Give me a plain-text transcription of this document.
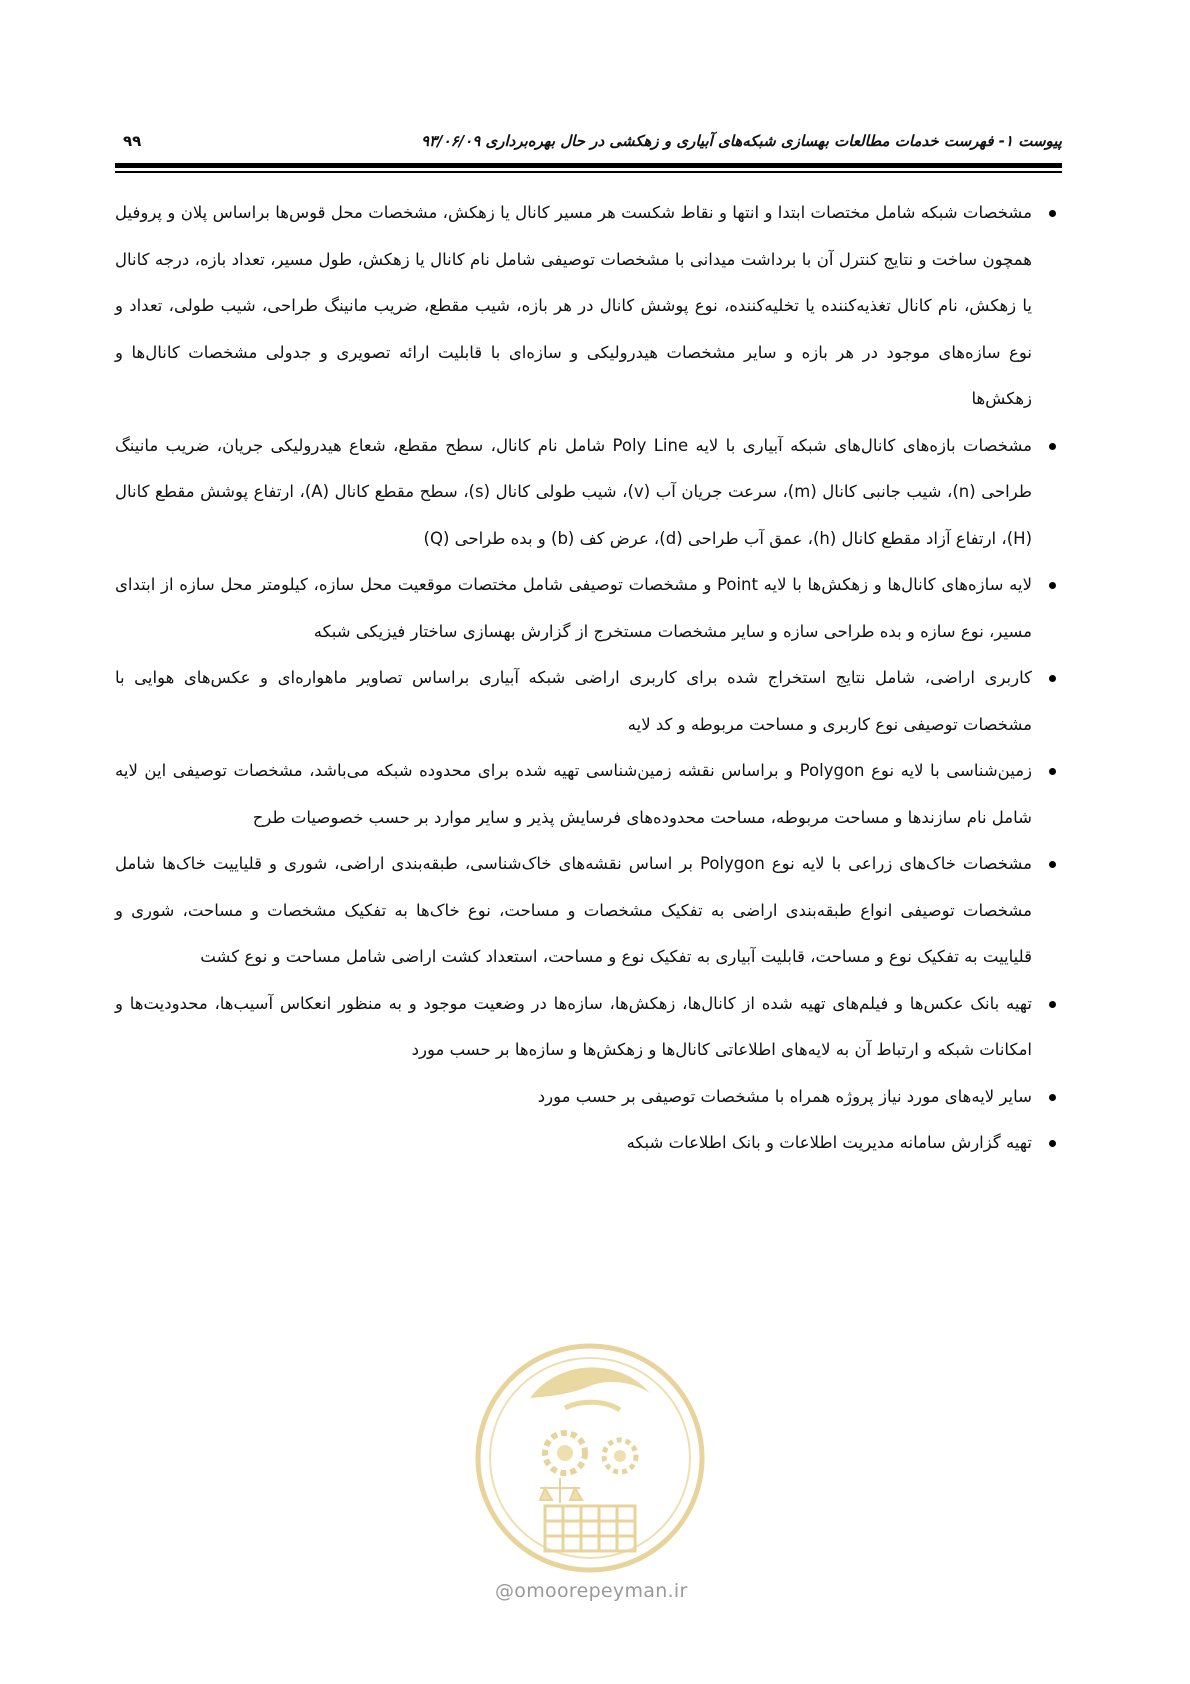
پیوست ۱- فهرست خدمات مطالعات بهسازی شبکه‌های آبیاری و زهکشی در حال بهره‌برداری ۹۳/۰۶/۰۹
۹۹
مشخصات شبکه شامل مختصات ابتدا و انتها و نقاط شکست هر مسیر کانال یا زهکش، مشخصات محل قوس‌ها براساس پلان و پروفیل همچون ساخت و نتایج کنترل آن با برداشت میدانی با مشخصات توصیفی شامل نام کانال یا زهکش، طول مسیر، تعداد بازه، درجه کانال یا زهکش، نام کانال تغذیه‌کننده یا تخلیه‌کننده، نوع پوشش کانال در هر بازه، شیب مقطع، ضریب مانینگ طراحی، شیب طولی، تعداد و نوع سازه‌های موجود در هر بازه و سایر مشخصات هیدرولیکی و سازه‌ای با قابلیت ارائه تصویری و جدولی مشخصات کانال‌ها و زهکش‌ها
مشخصات بازه‌های کانال‌های شبکه آبیاری با لایه Poly Line شامل نام کانال، سطح مقطع، شعاع هیدرولیکی جریان، ضریب مانینگ طراحی (n)، شیب جانبی کانال (m)، سرعت جریان آب (v)، شیب طولی کانال (s)، سطح مقطع کانال (A)، ارتفاع پوشش مقطع کانال (H)، ارتفاع آزاد مقطع کانال (h)، عمق آب طراحی (d)، عرض کف (b) و بده طراحی (Q)
لایه سازه‌های کانال‌ها و زهکش‌ها با لایه Point و مشخصات توصیفی شامل مختصات موقعیت محل سازه، کیلومتر محل سازه از ابتدای مسیر، نوع سازه و بده طراحی سازه و سایر مشخصات مستخرج از گزارش بهسازی ساختار فیزیکی شبکه
کاربری اراضی، شامل نتایج استخراج شده برای کاربری اراضی شبکه آبیاری براساس تصاویر ماهواره‌ای و عکس‌های هوایی با مشخصات توصیفی نوع کاربری و مساحت مربوطه و کد لایه
زمین‌شناسی با لایه نوع Polygon و براساس نقشه زمین‌شناسی تهیه شده برای محدوده شبکه می‌باشد، مشخصات توصیفی این لایه شامل نام سازندها و مساحت مربوطه، مساحت محدوده‌های فرسایش پذیر و سایر موارد بر حسب خصوصیات طرح
مشخصات خاک‌های زراعی با لایه نوع Polygon بر اساس نقشه‌های خاک‌شناسی، طبقه‌بندی اراضی، شوری و قلیاییت خاک‌ها شامل مشخصات توصیفی انواع طبقه‌بندی اراضی به تفکیک مشخصات و مساحت، نوع خاک‌ها به تفکیک مشخصات و مساحت، شوری و قلیاییت به تفکیک نوع و مساحت، قابلیت آبیاری به تفکیک نوع و مساحت، استعداد کشت اراضی شامل مساحت و نوع کشت
تهیه بانک عکس‌ها و فیلم‌های تهیه شده از کانال‌ها، زهکش‌ها، سازه‌ها در وضعیت موجود و به منظور انعکاس آسیب‌ها، محدودیت‌ها و امکانات شبکه و ارتباط آن به لایه‌های اطلاعاتی کانال‌ها و زهکش‌ها و سازه‌ها بر حسب مورد
سایر لایه‌های مورد نیاز پروژه همراه با مشخصات توصیفی بر حسب مورد
تهیه گزارش سامانه مدیریت اطلاعات و بانک اطلاعات شبکه
@omoorepeyman.ir
